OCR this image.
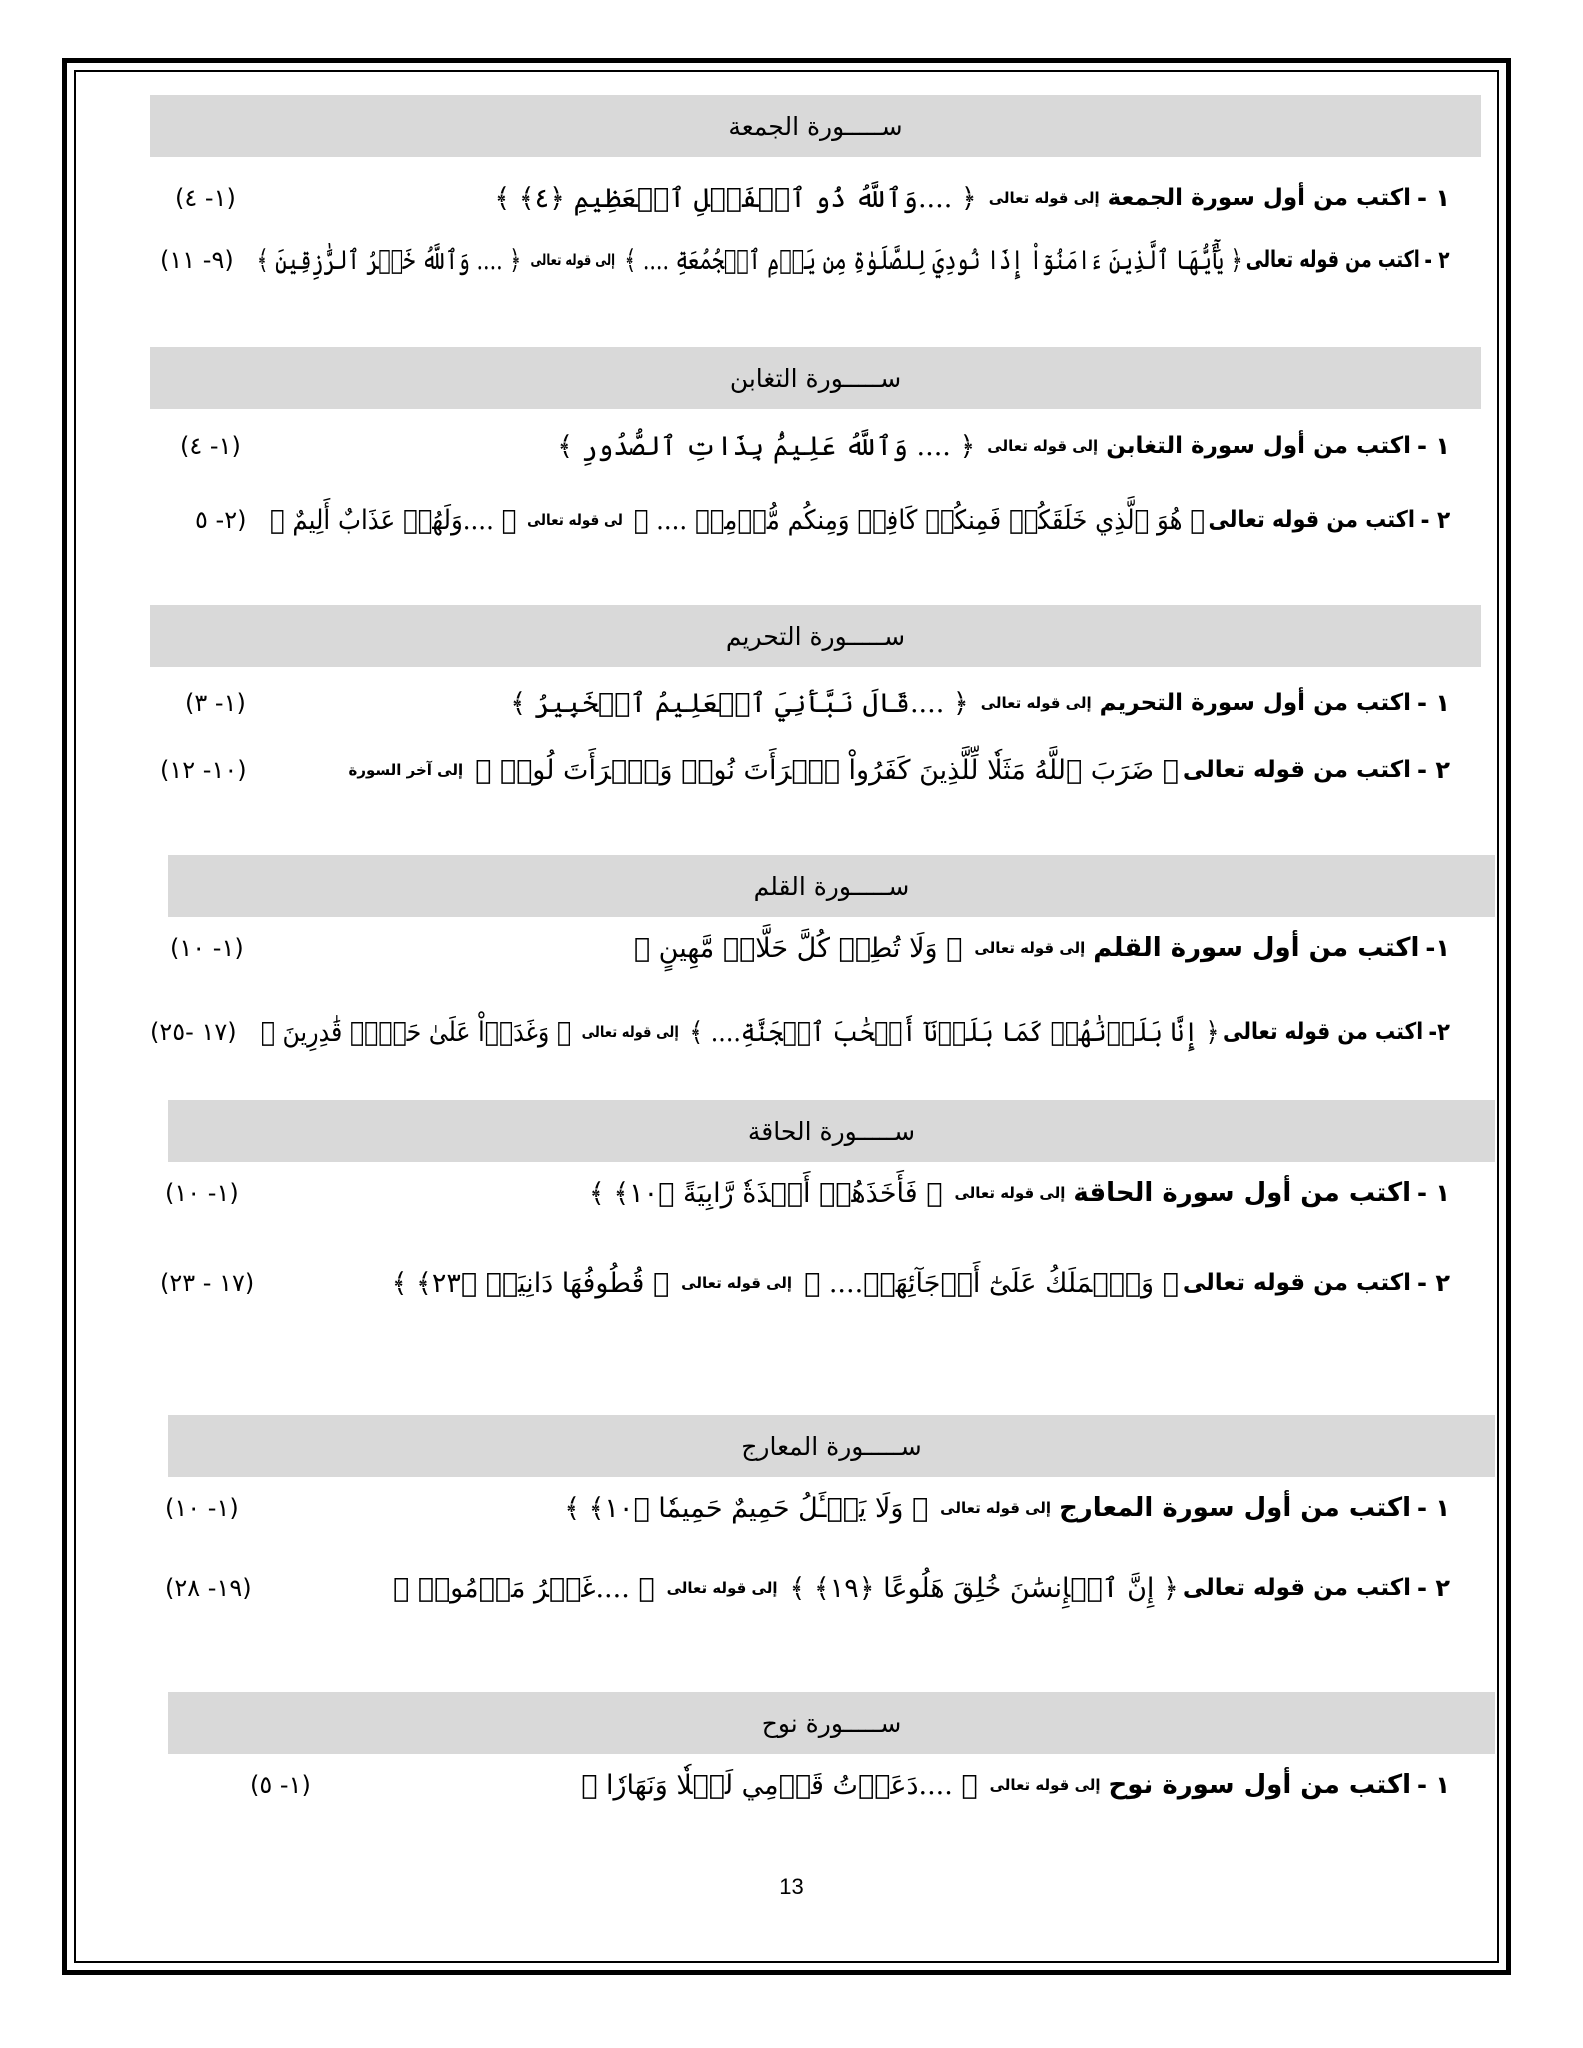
ســـــورة الجمعة
١ -
اكتب من أول سورة الجمعة
إلى قوله تعالى
﴿ ....وَٱللَّهُ ذُو ٱلۡفَضۡلِ ٱلۡعَظِيمِ ﴿٤﴾ ﴾
(١- ٤)
٢ -
اكتب من قوله تعالى
﴿ يَٰٓأَيُّهَا ٱلَّذِينَ ءَامَنُوٓاْ إِذَا نُودِيَ لِلصَّلَوٰةِ مِن يَوۡمِ ٱلۡجُمُعَةِ .... ﴾
إلى قوله تعالى
﴿ .... وَٱللَّهُ خَيۡرُ ٱلرَّٰزِقِينَ ﴾
(٩- ١١)
ســـــورة التغابن
١ -
اكتب من أول سورة التغابن
إلى قوله تعالى
﴿ .... وَٱللَّهُ عَلِيمُۢ بِذَاتِ ٱلصُّدُورِ ﴾
(١- ٤)
٢ -
اكتب من قوله تعالى
﴿ هُوَ ٱلَّذِي خَلَقَكُمۡ فَمِنكُمۡ كَافِرٞ وَمِنكُم مُّؤۡمِنٞ .... ﴾
لى قوله تعالى
﴿ ....وَلَهُمۡ عَذَابٌ أَلِيمٌ ﴾
(٢- ٥
ســـــورة التحريم
١ -
اكتب من أول سورة التحريم
إلى قوله تعالى
﴿ ....قَالَ نَبَّأَنِيَ ٱلۡعَلِيمُ ٱلۡخَبِيرُ ﴾
(١- ٣)
٢ -
اكتب من قوله تعالى
﴿ ضَرَبَ ٱللَّهُ مَثَلٗا لِّلَّذِينَ كَفَرُواْ ٱمۡرَأَتَ نُوحٖ وَٱمۡرَأَتَ لُوطٖ ﴾
إلى آخر السورة
(١٠- ١٢)
ســـــورة القلم
١-
اكتب من أول سورة القلم
إلى قوله تعالى
﴿ وَلَا تُطِعۡ كُلَّ حَلَّافٖ مَّهِينٍ ﴾
(١- ١٠)
٢-
اكتب من قوله تعالى
﴿ إِنَّا بَلَوۡنَٰهُمۡ كَمَا بَلَوۡنَآ أَصۡحَٰبَ ٱلۡجَنَّةِ.... ﴾
إلى قوله تعالى
﴿ وَغَدَوۡاْ عَلَىٰ حَرۡدٖ قَٰدِرِينَ ﴾
(١٧ -٢٥)
ســـــورة الحاقة
١ -
اكتب من أول سورة الحاقة
إلى قوله تعالى
﴿ فَأَخَذَهُمۡ أَخۡذَةٗ رَّابِيَةً ﴿١٠﴾ ﴾
(١- ١٠)
٢ -
اكتب من قوله تعالى
﴿ وَٱلۡمَلَكُ عَلَىٰٓ أَرۡجَآئِهَاۚ.... ﴾
إلى قوله تعالى
﴿ قُطُوفُهَا دَانِيَةٞ ﴿٢٣﴾ ﴾
(١٧ - ٢٣)
ســـــورة المعارج
١ -
اكتب من أول سورة المعارج
إلى قوله تعالى
﴿ وَلَا يَسۡـَٔلُ حَمِيمٌ حَمِيمٗا ﴿١٠﴾ ﴾
(١- ١٠)
٢ -
اكتب من قوله تعالى
﴿ إِنَّ ٱلۡإِنسَٰنَ خُلِقَ هَلُوعًا ﴿١٩﴾ ﴾
إلى قوله تعالى
﴿ ....غَيۡرُ مَأۡمُونٖ ﴾
(١٩- ٢٨)
ســـــورة نوح
١ -
اكتب من أول سورة نوح
إلى قوله تعالى
﴿ ....دَعَوۡتُ قَوۡمِي لَيۡلٗا وَنَهَارٗا ﴾
(١- ٥)
13
